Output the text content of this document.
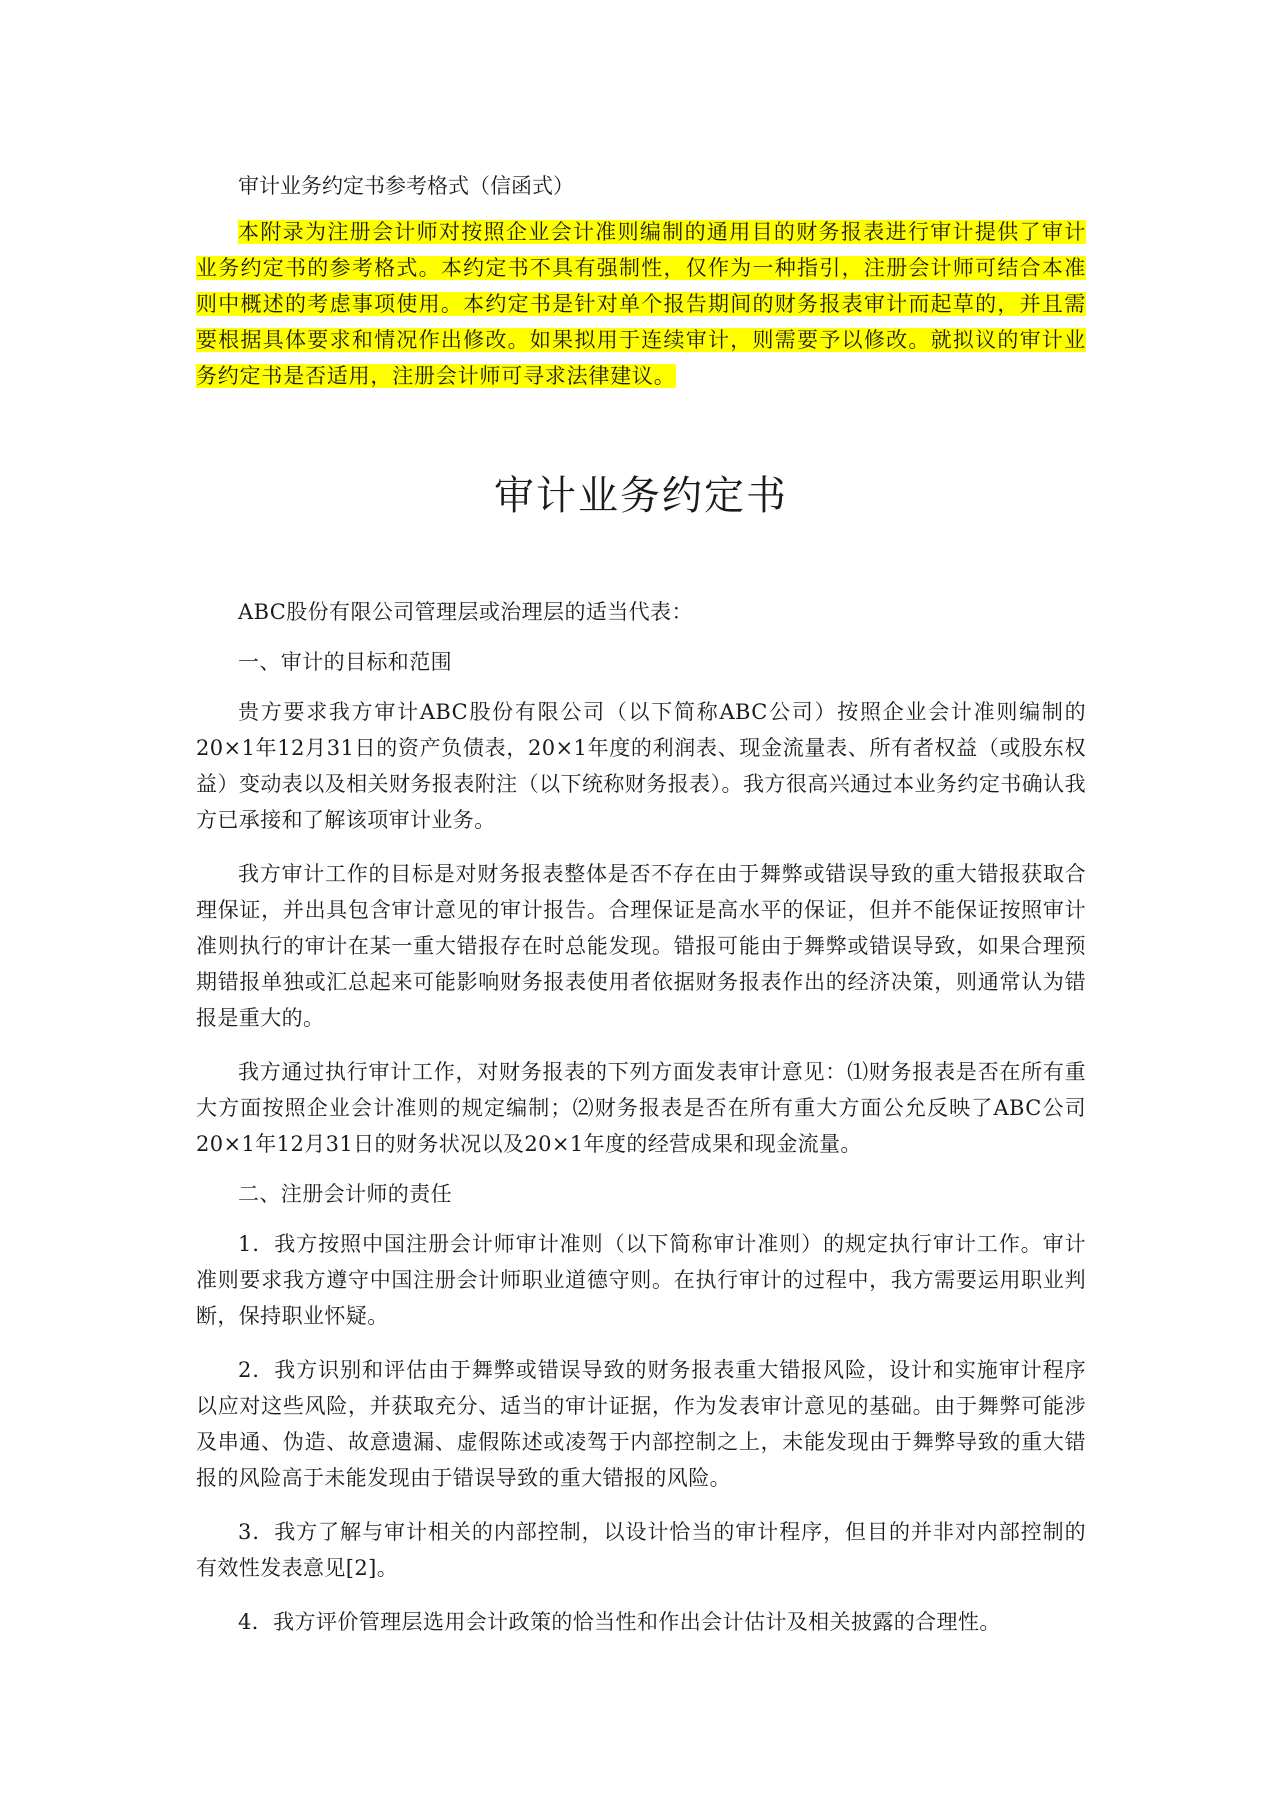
审计业务约定书参考格式（信函式）

本附录为注册会计师对按照企业会计准则编制的通用目的财务报表进行审计提供了审计业务约定书的参考格式。本约定书不具有强制性，仅作为一种指引，注册会计师可结合本准则中概述的考虑事项使用。本约定书是针对单个报告期间的财务报表审计而起草的，并且需要根据具体要求和情况作出修改。如果拟用于连续审计，则需要予以修改。就拟议的审计业务约定书是否适用，注册会计师可寻求法律建议。

审计业务约定书

ABC股份有限公司管理层或治理层的适当代表：

一、审计的目标和范围

贵方要求我方审计ABC股份有限公司（以下简称ABC公司）按照企业会计准则编制的20×1年12月31日的资产负债表，20×1年度的利润表、现金流量表、所有者权益（或股东权益）变动表以及相关财务报表附注（以下统称财务报表）。我方很高兴通过本业务约定书确认我方已承接和了解该项审计业务。

我方审计工作的目标是对财务报表整体是否不存在由于舞弊或错误导致的重大错报获取合理保证，并出具包含审计意见的审计报告。合理保证是高水平的保证，但并不能保证按照审计准则执行的审计在某一重大错报存在时总能发现。错报可能由于舞弊或错误导致，如果合理预期错报单独或汇总起来可能影响财务报表使用者依据财务报表作出的经济决策，则通常认为错报是重大的。

我方通过执行审计工作，对财务报表的下列方面发表审计意见：⑴财务报表是否在所有重大方面按照企业会计准则的规定编制；⑵财务报表是否在所有重大方面公允反映了ABC公司20×1年12月31日的财务状况以及20×1年度的经营成果和现金流量。

二、注册会计师的责任

1．我方按照中国注册会计师审计准则（以下简称审计准则）的规定执行审计工作。审计准则要求我方遵守中国注册会计师职业道德守则。在执行审计的过程中，我方需要运用职业判断，保持职业怀疑。

2．我方识别和评估由于舞弊或错误导致的财务报表重大错报风险，设计和实施审计程序以应对这些风险，并获取充分、适当的审计证据，作为发表审计意见的基础。由于舞弊可能涉及串通、伪造、故意遗漏、虚假陈述或凌驾于内部控制之上，未能发现由于舞弊导致的重大错报的风险高于未能发现由于错误导致的重大错报的风险。

3．我方了解与审计相关的内部控制，以设计恰当的审计程序，但目的并非对内部控制的有效性发表意见[2]。

4．我方评价管理层选用会计政策的恰当性和作出会计估计及相关披露的合理性。
